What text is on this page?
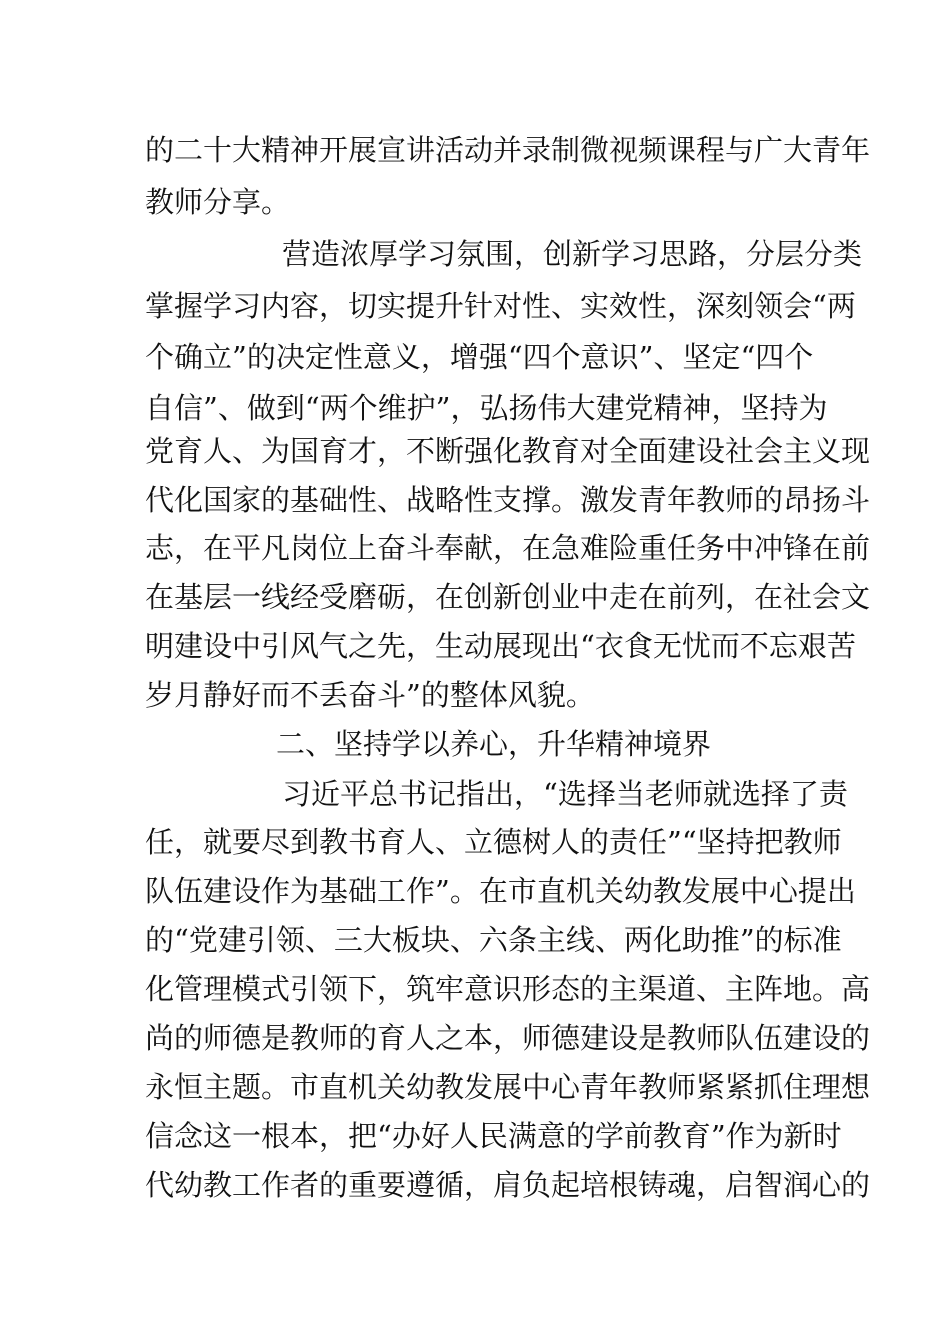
的二十大精神开展宣讲活动并录制微视频课程与广大青年
教师分享。
营造浓厚学习氛围，创新学习思路，分层分类
掌握学习内容，切实提升针对性、实效性，深刻领会“两
个确立”的决定性意义，增强“四个意识”、坚定“四个
自信”、做到“两个维护”，弘扬伟大建党精神，坚持为
党育人、为国育才，不断强化教育对全面建设社会主义现
代化国家的基础性、战略性支撑。激发青年教师的昂扬斗
志，在平凡岗位上奋斗奉献，在急难险重任务中冲锋在前
在基层一线经受磨砺，在创新创业中走在前列，在社会文
明建设中引风气之先，生动展现出“衣食无忧而不忘艰苦
岁月静好而不丢奋斗”的整体风貌。
二、坚持学以养心，升华精神境界
习近平总书记指出，“选择当老师就选择了责
任，就要尽到教书育人、立德树人的责任”“坚持把教师
队伍建设作为基础工作”。在市直机关幼教发展中心提出
的“党建引领、三大板块、六条主线、两化助推”的标准
化管理模式引领下，筑牢意识形态的主渠道、主阵地。高
尚的师德是教师的育人之本，师德建设是教师队伍建设的
永恒主题。市直机关幼教发展中心青年教师紧紧抓住理想
信念这一根本，把“办好人民满意的学前教育”作为新时
代幼教工作者的重要遵循，肩负起培根铸魂，启智润心的
